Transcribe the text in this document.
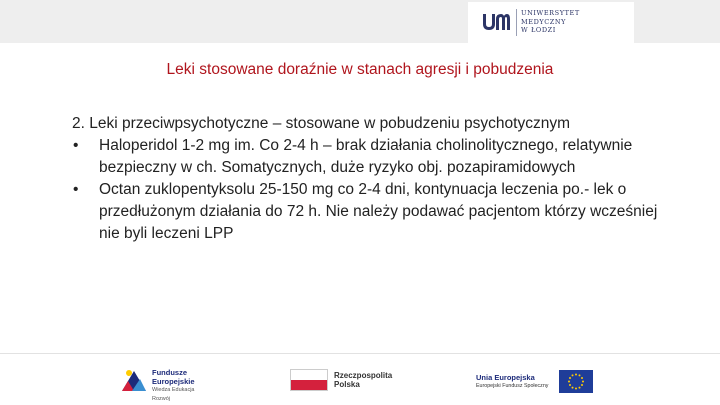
UNIWERSYTET
MEDYCZNY
W ŁODZI
Leki stosowane doraźnie w stanach agresji i pobudzenia

2. Leki przeciwpsychotyczne – stosowane w pobudzeniu psychotycznym

• Haloperidol 1-2 mg im. Co 2-4 h – brak działania cholinolitycznego, relatywnie bezpieczny w ch. Somatycznych, duże ryzyko obj. pozapiramidowych
• Octan zuklopentyksolu 25-150 mg co 2-4 dni, kontynuacja leczenia po.- lek o przedłużonym działania do 72 h. Nie należy podawać pacjentom którzy wcześniej nie byli leczeni LPP
Fundusze
Europejskie
Wiedza Edukacja Rozwój
Rzeczpospolita
Polska
Unia Europejska
Europejski Fundusz Społeczny
